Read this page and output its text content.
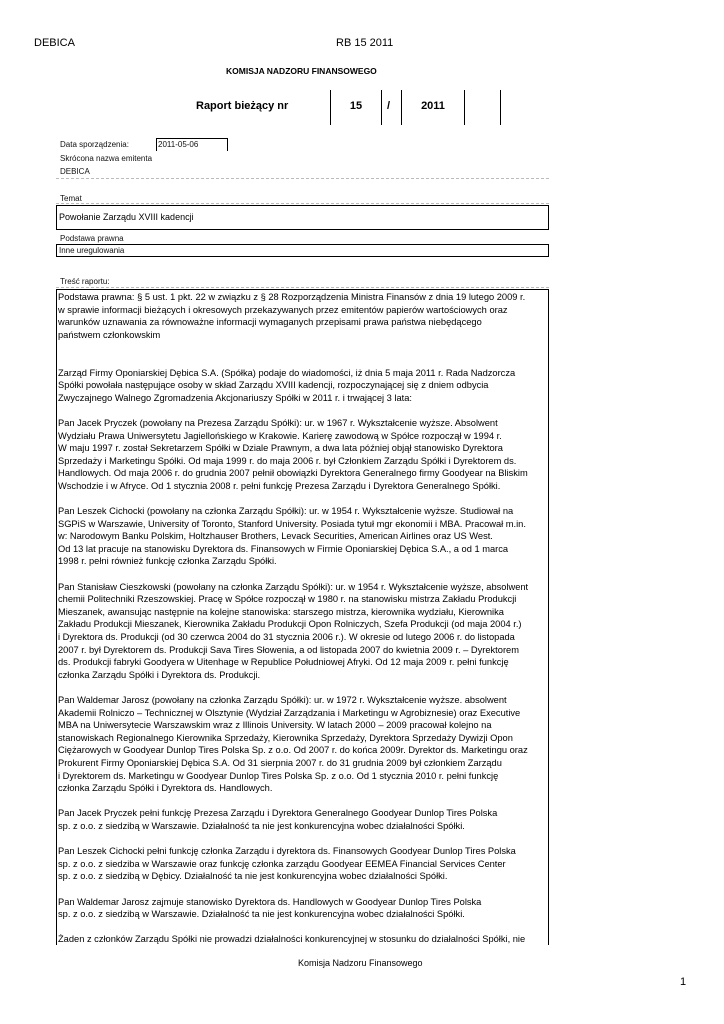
DEBICA	RB 15 2011
KOMISJA NADZORU FINANSOWEGO
Raport bieżący nr	15	/	2011
Data sporządzenia:	2011-05-06
Skrócona nazwa emitenta
DEBICA
Temat
Powołanie Zarządu XVIII kadencji
Podstawa prawna
Inne uregulowania
Treść raportu:

Podstawa prawna: § 5 ust. 1 pkt. 22 w związku z § 28 Rozporządzenia Ministra Finansów z dnia 19 lutego 2009 r.
w sprawie informacji bieżących i okresowych przekazywanych przez emitentów papierów wartościowych oraz
warunków uznawania za równoważne informacji wymaganych przepisami prawa państwa niebędącego
państwem członkowskim

Zarząd Firmy Oponiarskiej Dębica S.A. (Spółka) podaje do wiadomości, iż dnia 5 maja 2011 r. Rada Nadzorcza
Spółki powołała następujące osoby w skład Zarządu XVIII kadencji, rozpoczynającej się z dniem odbycia
Zwyczajnego Walnego Zgromadzenia Akcjonariuszy Spółki w 2011 r. i trwającej 3 lata:

Pan Jacek Pryczek (powołany na Prezesa Zarządu Spółki): ur. w 1967 r. Wykształcenie wyższe. Absolwent
Wydziału Prawa Uniwersytetu Jagiellońskiego w Krakowie. Karierę zawodową w Spółce rozpoczął w 1994 r.
W maju 1997 r. został Sekretarzem Spółki w Dziale Prawnym, a dwa lata później objął stanowisko Dyrektora
Sprzedaży i Marketingu Spółki. Od maja 1999 r. do maja 2006 r. był Członkiem Zarządu Spółki i Dyrektorem ds.
Handlowych. Od maja 2006 r. do grudnia 2007 pełnił obowiązki Dyrektora Generalnego firmy Goodyear na Bliskim
Wschodzie i w Afryce. Od 1 stycznia 2008 r. pełni funkcję Prezesa Zarządu i Dyrektora Generalnego Spółki.

Pan Leszek Cichocki (powołany na członka Zarządu Spółki): ur. w 1954 r. Wykształcenie wyższe. Studiował na
SGPiS w Warszawie, University of Toronto, Stanford University. Posiada tytuł mgr ekonomii i MBA. Pracował m.in.
w: Narodowym Banku Polskim, Holtzhauser Brothers, Levack Securities, American Airlines oraz US West.
Od 13 lat pracuje na stanowisku Dyrektora ds. Finansowych w Firmie Oponiarskiej Dębica S.A., a od 1 marca
1998 r. pełni również funkcję członka Zarządu Spółki.

Pan Stanisław Cieszkowski (powołany na członka Zarządu Spółki): ur. w 1954 r. Wykształcenie wyższe, absolwent
chemii Politechniki Rzeszowskiej. Pracę w Spółce rozpoczął w 1980 r. na stanowisku mistrza Zakładu Produkcji
Mieszanek, awansując następnie na kolejne stanowiska: starszego mistrza, kierownika wydziału, Kierownika
Zakładu Produkcji Mieszanek, Kierownika Zakładu Produkcji Opon Rolniczych, Szefa Produkcji (od maja 2004 r.)
i Dyrektora ds. Produkcji (od 30 czerwca 2004 do 31 stycznia 2006 r.). W okresie od lutego 2006 r. do listopada
2007 r. był Dyrektorem ds. Produkcji Sava Tires Słowenia, a od listopada 2007 do kwietnia 2009 r. – Dyrektorem
ds. Produkcji fabryki Goodyera w Uitenhage w Republice Południowej Afryki. Od 12 maja 2009 r. pełni funkcję
członka Zarządu Spółki i Dyrektora ds. Produkcji.

Pan Waldemar Jarosz (powołany na członka Zarządu Spółki): ur. w 1972 r. Wykształcenie wyższe. absolwent
Akademii Rolniczo – Technicznej w Olsztynie (Wydział Zarządzania i Marketingu w Agrobiznesie) oraz Executive
MBA na Uniwersytecie Warszawskim wraz z Illinois University. W latach 2000 – 2009 pracował kolejno na
stanowiskach Regionalnego Kierownika Sprzedaży, Kierownika Sprzedaży, Dyrektora Sprzedaży Dywizji Opon
Ciężarowych w Goodyear Dunlop Tires Polska Sp. z o.o. Od 2007 r. do końca 2009r. Dyrektor ds. Marketingu oraz
Prokurent Firmy Oponiarskiej Dębica S.A. Od 31 sierpnia 2007 r. do 31 grudnia 2009 był członkiem Zarządu
i Dyrektorem ds. Marketingu w Goodyear Dunlop Tires Polska Sp. z o.o. Od 1 stycznia 2010 r. pełni funkcję
członka Zarządu Spółki i Dyrektora ds. Handlowych.

Pan Jacek Pryczek pełni funkcję Prezesa Zarządu i Dyrektora Generalnego Goodyear Dunlop Tires Polska
sp. z o.o. z siedzibą w Warszawie. Działalność ta nie jest konkurencyjna wobec działalności Spółki.

Pan Leszek Cichocki pełni funkcję członka Zarządu i dyrektora ds. Finansowych Goodyear Dunlop Tires Polska
sp. z o.o. z siedziba w Warszawie oraz funkcję członka zarządu Goodyear EEMEA Financial Services Center
sp. z o.o. z siedzibą w Dębicy. Działalność ta nie jest konkurencyjna wobec działalności Spółki.

Pan Waldemar Jarosz zajmuje stanowisko Dyrektora ds. Handlowych w Goodyear Dunlop Tires Polska
sp. z o.o. z siedzibą w Warszawie. Działalność ta nie jest konkurencyjna wobec działalności Spółki.

Żaden z członków Zarządu Spółki nie prowadzi działalności konkurencyjnej w stosunku do działalności Spółki, nie

Komisja Nadzoru Finansowego
1
